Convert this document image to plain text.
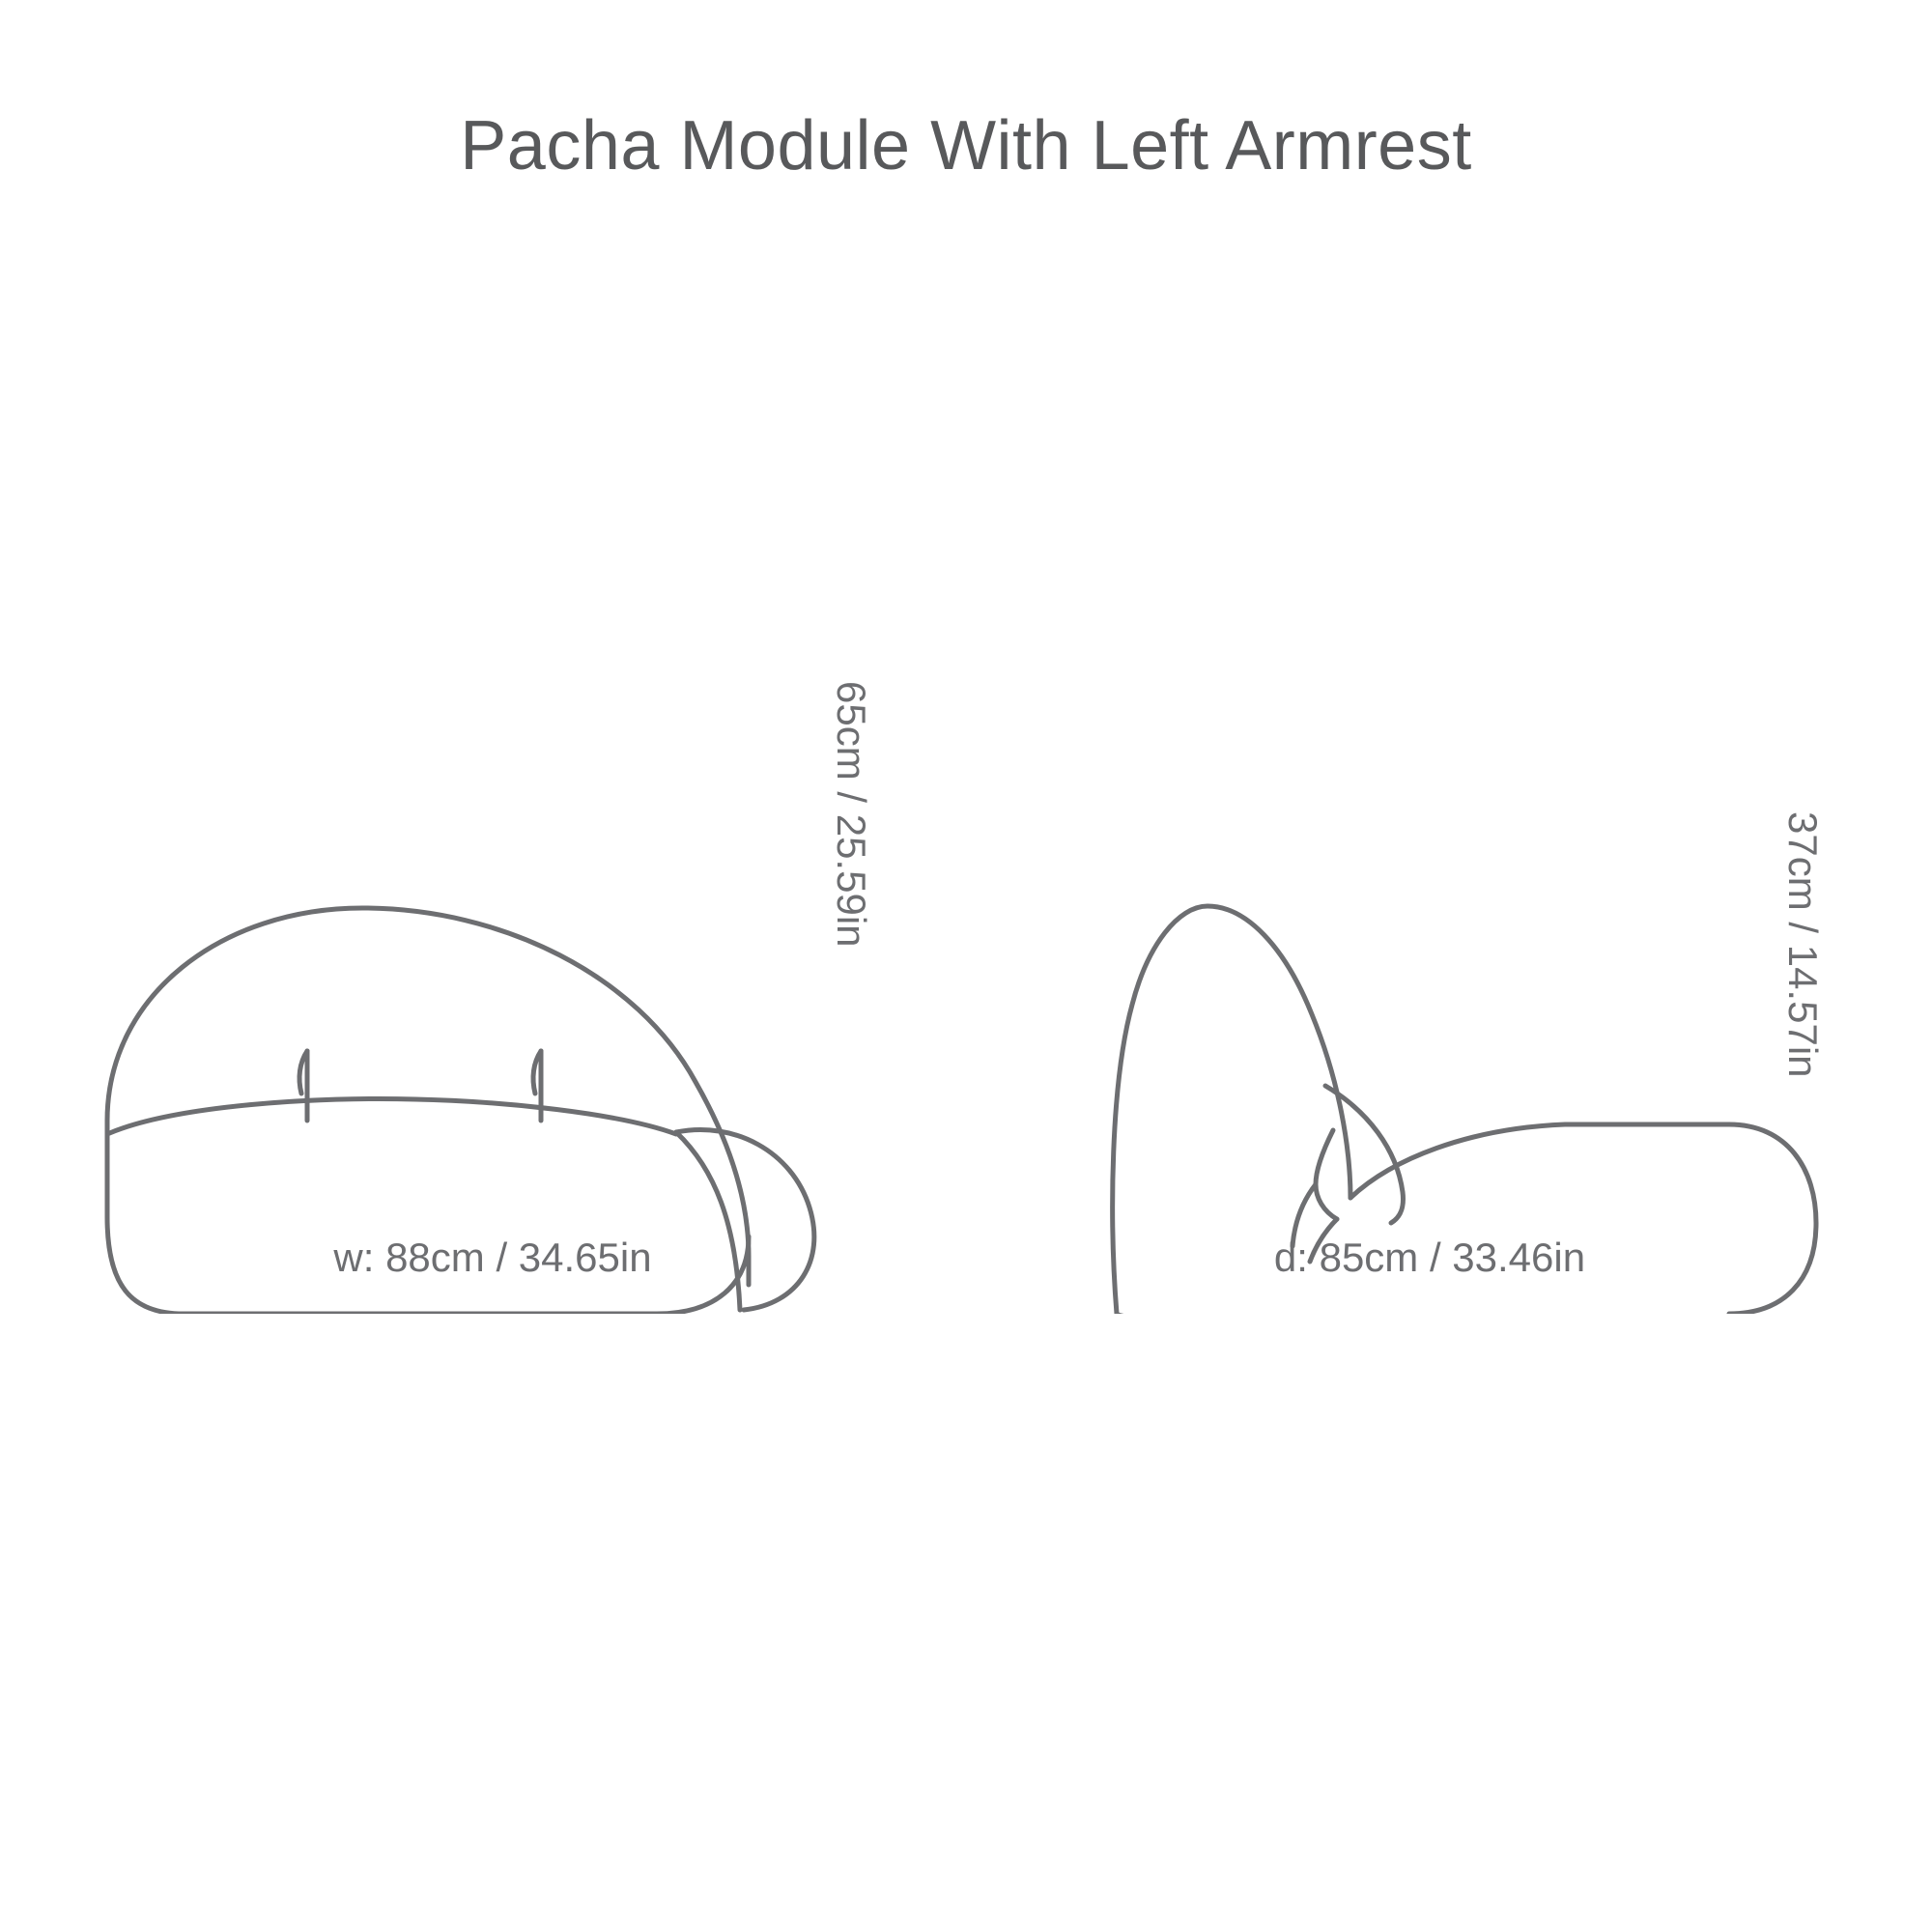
Pacha Module With Left Armrest
w: 88cm / 34.65in	d: 85cm / 33.46in
65cm / 25.59in	37cm / 14.57in
